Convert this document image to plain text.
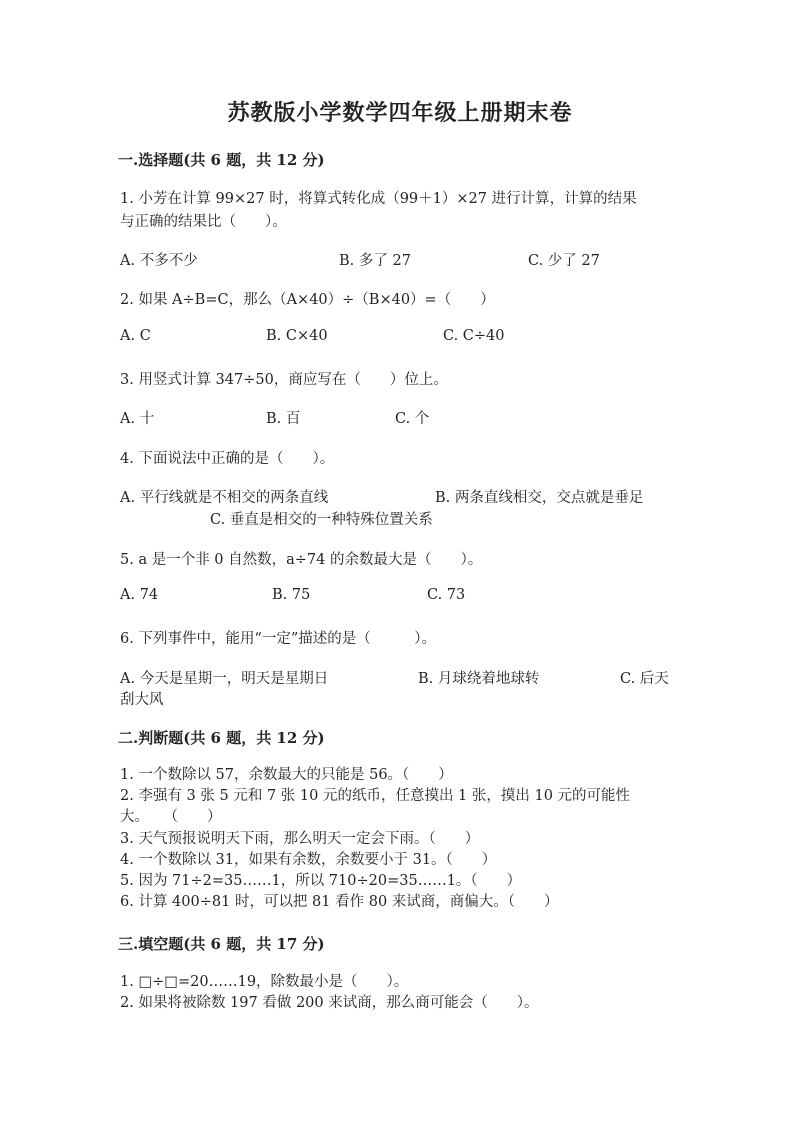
苏教版小学数学四年级上册期末卷
一.选择题(共 6 题，共 12 分)
1. 小芳在计算 99×27 时，将算式转化成（99＋1）×27 进行计算，计算的结果
与正确的结果比（　　）。
A. 不多不少	B. 多了 27	C. 少了 27
2. 如果 A÷B=C，那么（A×40）÷（B×40）=（　　）
A. C	B. C×40	C. C÷40
3. 用竖式计算 347÷50，商应写在（　　）位上。
A. 十	B. 百	C. 个
4. 下面说法中正确的是（　　）。
A. 平行线就是不相交的两条直线	B. 两条直线相交，交点就是垂足
C. 垂直是相交的一种特殊位置关系
5. a 是一个非 0 自然数，a÷74 的余数最大是（　　）。
A. 74	B. 75	C. 73
6. 下列事件中，能用“一定”描述的是（　　　）。
A. 今天是星期一，明天是星期日	B. 月球绕着地球转	C. 后天
刮大风
二.判断题(共 6 题，共 12 分)
1. 一个数除以 57，余数最大的只能是 56。（　　）
2. 李强有 3 张 5 元和 7 张 10 元的纸币，任意摸出 1 张，摸出 10 元的可能性
大。　　（　　）
3. 天气预报说明天下雨，那么明天一定会下雨。（　　）
4. 一个数除以 31，如果有余数，余数要小于 31。（　　）
5. 因为 71÷2=35……1，所以 710÷20=35……1。（　　）
6. 计算 400÷81 时，可以把 81 看作 80 来试商，商偏大。（　　）
三.填空题(共 6 题，共 17 分)
1. □÷□=20……19，除数最小是（　　）。
2. 如果将被除数 197 看做 200 来试商，那么商可能会（　　）。
